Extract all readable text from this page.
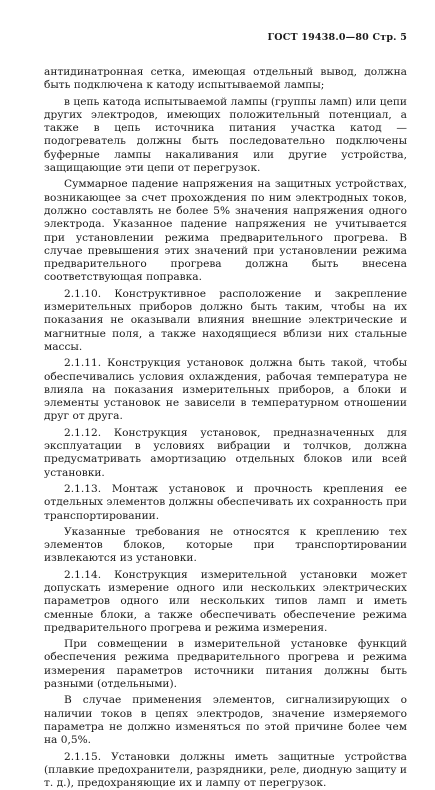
ГОСТ 19438.0—80 Стр. 5

антидинатронная сетка, имеющая отдельный вывод, должна быть подключена к катоду испытываемой лампы;

в цепь катода испытываемой лампы (группы ламп) или цепи других электродов, имеющих положительный потенциал, а также в цепь источника питания участка катод — подогреватель должны быть последовательно подключены буферные лампы накаливания или другие устройства, защищающие эти цепи от перегрузок.

Суммарное падение напряжения на защитных устройствах, возникающее за счет прохождения по ним электродных токов, должно составлять не более 5% значения напряжения одного электрода. Указанное падение напряжения не учитывается при установлении режима предварительного прогрева. В случае превышения этих значений при установлении режима предварительного прогрева должна быть внесена соответствующая поправка.

2.1.10. Конструктивное расположение и закрепление измерительных приборов должно быть таким, чтобы на их показания не оказывали влияния внешние электрические и магнитные поля, а также находящиеся вблизи них стальные массы.

2.1.11. Конструкция установок должна быть такой, чтобы обеспечивались условия охлаждения, рабочая температура не влияла на показания измерительных приборов, а блоки и элементы установок не зависели в температурном отношении друг от друга.

2.1.12. Конструкция установок, предназначенных для эксплуатации в условиях вибрации и толчков, должна предусматривать амортизацию отдельных блоков или всей установки.

2.1.13. Монтаж установок и прочность крепления ее отдельных элементов должны обеспечивать их сохранность при транспортировании.

Указанные требования не относятся к креплению тех элементов блоков, которые при транспортировании извлекаются из установки.

2.1.14. Конструкция измерительной установки может допускать измерение одного или нескольких электрических параметров одного или нескольких типов ламп и иметь сменные блоки, а также обеспечивать обеспечение режима предварительного прогрева и режима измерения.

При совмещении в измерительной установке функций обеспечения режима предварительного прогрева и режима измерения параметров источники питания должны быть разными (отдельными).

В случае применения элементов, сигнализирующих о наличии токов в цепях электродов, значение измеряемого параметра не должно изменяться по этой причине более чем на 0,5%.

2.1.15. Установки должны иметь защитные устройства (плавкие предохранители, разрядники, реле, диодную защиту и т. д.), предохраняющие их и лампу от перегрузок.
